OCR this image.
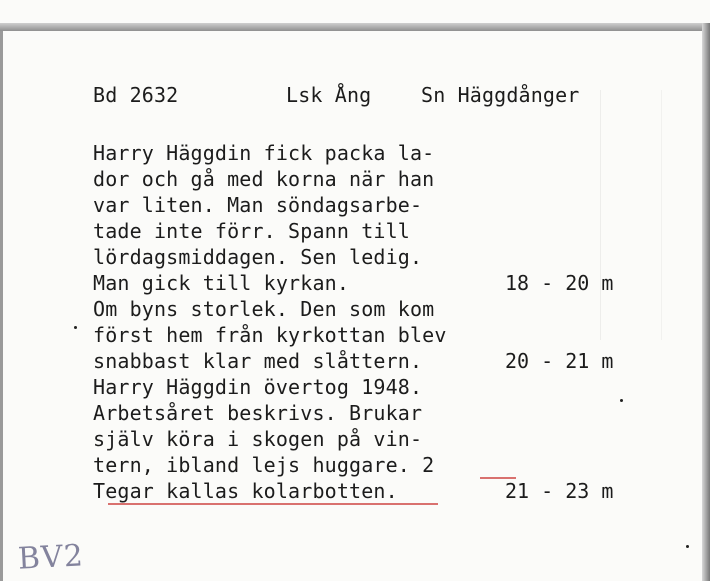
Bd 2632	Lsk Ång Sn Häggdånger
Harry Häggdin fick packa la-
dor och gå med korna när han
var liten. Man söndagsarbe-
tade inte förr. Spann till
lördagsmiddagen. Sen ledig.
Man gick till kyrkan.
Om byns storlek. Den som kom
först hem från kyrkottan blev
snabbast klar med slåttern.
Harry Häggdin övertog 1948.
Arbetsåret beskrivs. Brukar
själv köra i skogen på vin-
tern, ibland lejs huggare. 2
Tegar kallas kolarbotten.
18 - 20 m
20 - 21 m
21 - 23 m
BV2
